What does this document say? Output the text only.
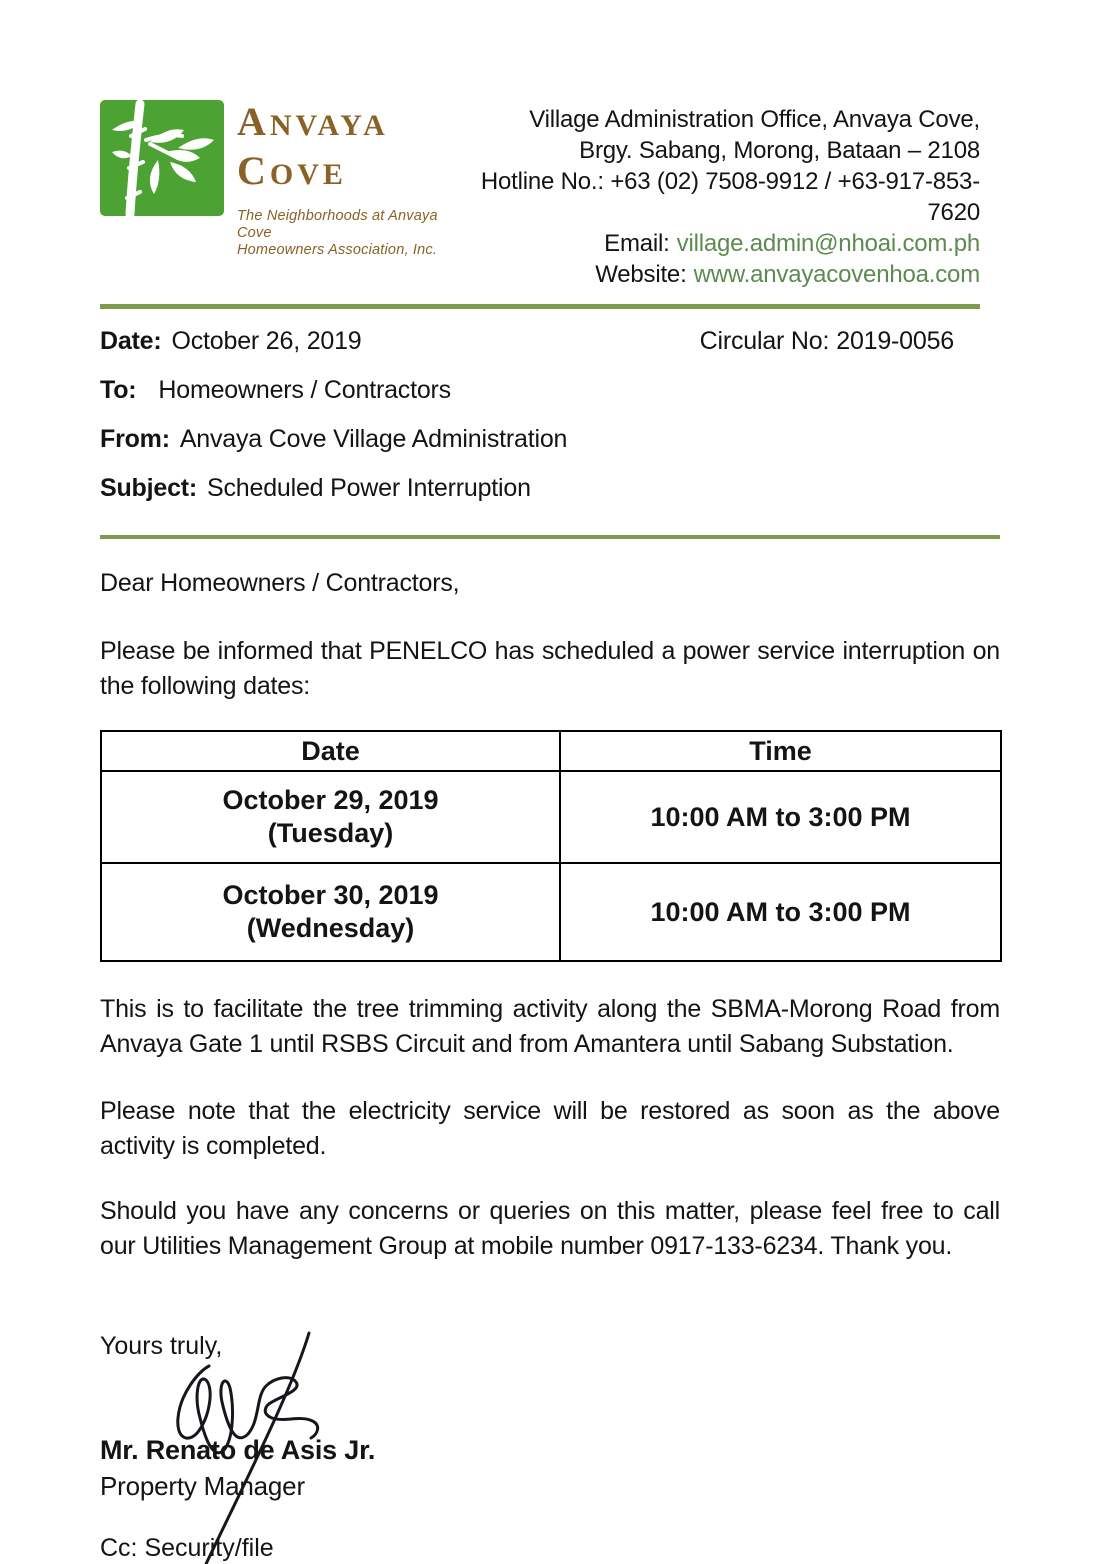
ANVAYA
COVE
The Neighborhoods at Anvaya Cove
Homeowners Association, Inc.
Village Administration Office, Anvaya Cove,
Brgy. Sabang, Morong, Bataan – 2108
Hotline No.: +63 (02) 7508-9912 / +63-917-853-7620
Email: village.admin@nhoai.com.ph
Website: www.anvayacovenhoa.com
Date: October 26, 2019	Circular No: 2019-0056
To: Homeowners / Contractors
From: Anvaya Cove Village Administration
Subject: Scheduled Power Interruption
Dear Homeowners / Contractors,
Please be informed that PENELCO has scheduled a power service interruption on the following dates:
Date	Time

October 29, 2019
(Tuesday)	10:00 AM to 3:00 PM

October 30, 2019
(Wednesday)	10:00 AM to 3:00 PM
This is to facilitate the tree trimming activity along the SBMA-Morong Road from Anvaya Gate 1 until RSBS Circuit and from Amantera until Sabang Substation.
Please note that the electricity service will be restored as soon as the above activity is completed.
Should you have any concerns or queries on this matter, please feel free to call our Utilities Management Group at mobile number 0917-133-6234. Thank you.
Yours truly,
Mr. Renato de Asis Jr.
Property Manager
Cc: Security/file
